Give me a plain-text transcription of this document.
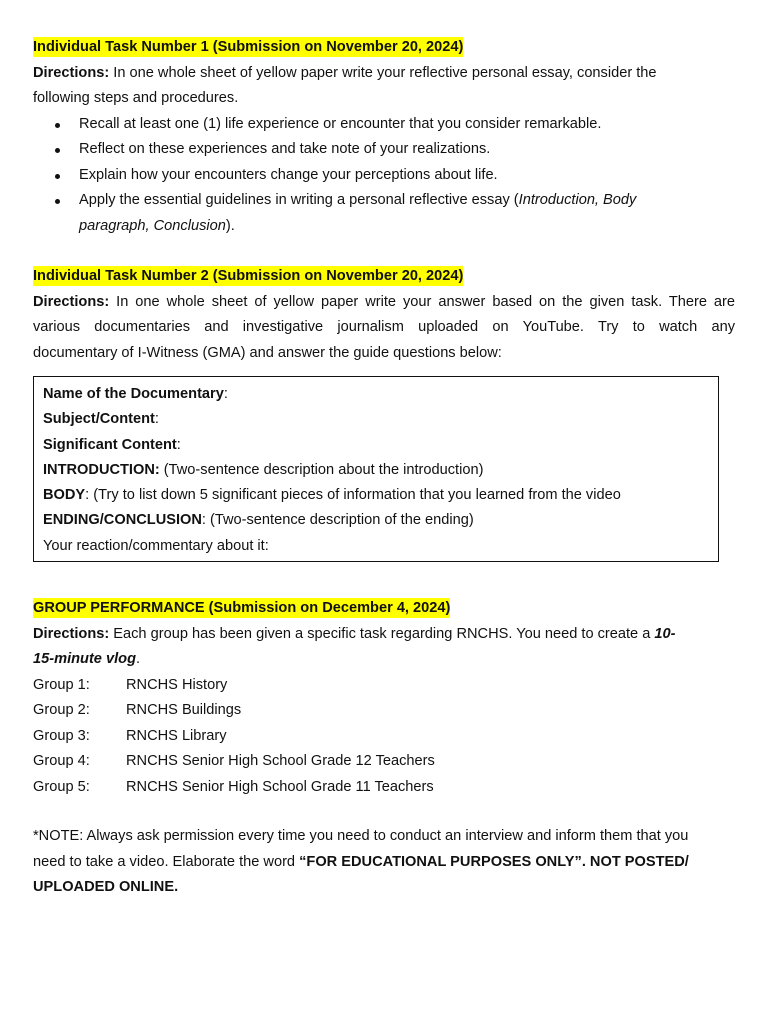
Individual Task Number 1 (Submission on November 20, 2024)
Directions: In one whole sheet of yellow paper write your reflective personal essay, consider the
following steps and procedures.
Recall at least one (1) life experience or encounter that you consider remarkable.
Reflect on these experiences and take note of your realizations.
Explain how your encounters change your perceptions about life.
Apply the essential guidelines in writing a personal reflective essay (Introduction, Body
paragraph, Conclusion).
Individual Task Number 2 (Submission on November 20, 2024)
Directions: In one whole sheet of yellow paper write your answer based on the given task. There are
various documentaries and investigative journalism uploaded on YouTube. Try to watch any
documentary of I-Witness (GMA) and answer the guide questions below:
Name of the Documentary:
Subject/Content:
Significant Content:
INTRODUCTION: (Two-sentence description about the introduction)
BODY: (Try to list down 5 significant pieces of information that you learned from the video
ENDING/CONCLUSION: (Two-sentence description of the ending)
Your reaction/commentary about it:
GROUP PERFORMANCE (Submission on December 4, 2024)
Directions: Each group has been given a specific task regarding RNCHS. You need to create a 10-
15-minute vlog.
Group 1:	RNCHS History
Group 2:	RNCHS Buildings
Group 3:	RNCHS Library
Group 4:	RNCHS Senior High School Grade 12 Teachers
Group 5:	RNCHS Senior High School Grade 11 Teachers
*NOTE: Always ask permission every time you need to conduct an interview and inform them that you
need to take a video. Elaborate the word “FOR EDUCATIONAL PURPOSES ONLY”. NOT POSTED/
UPLOADED ONLINE.
